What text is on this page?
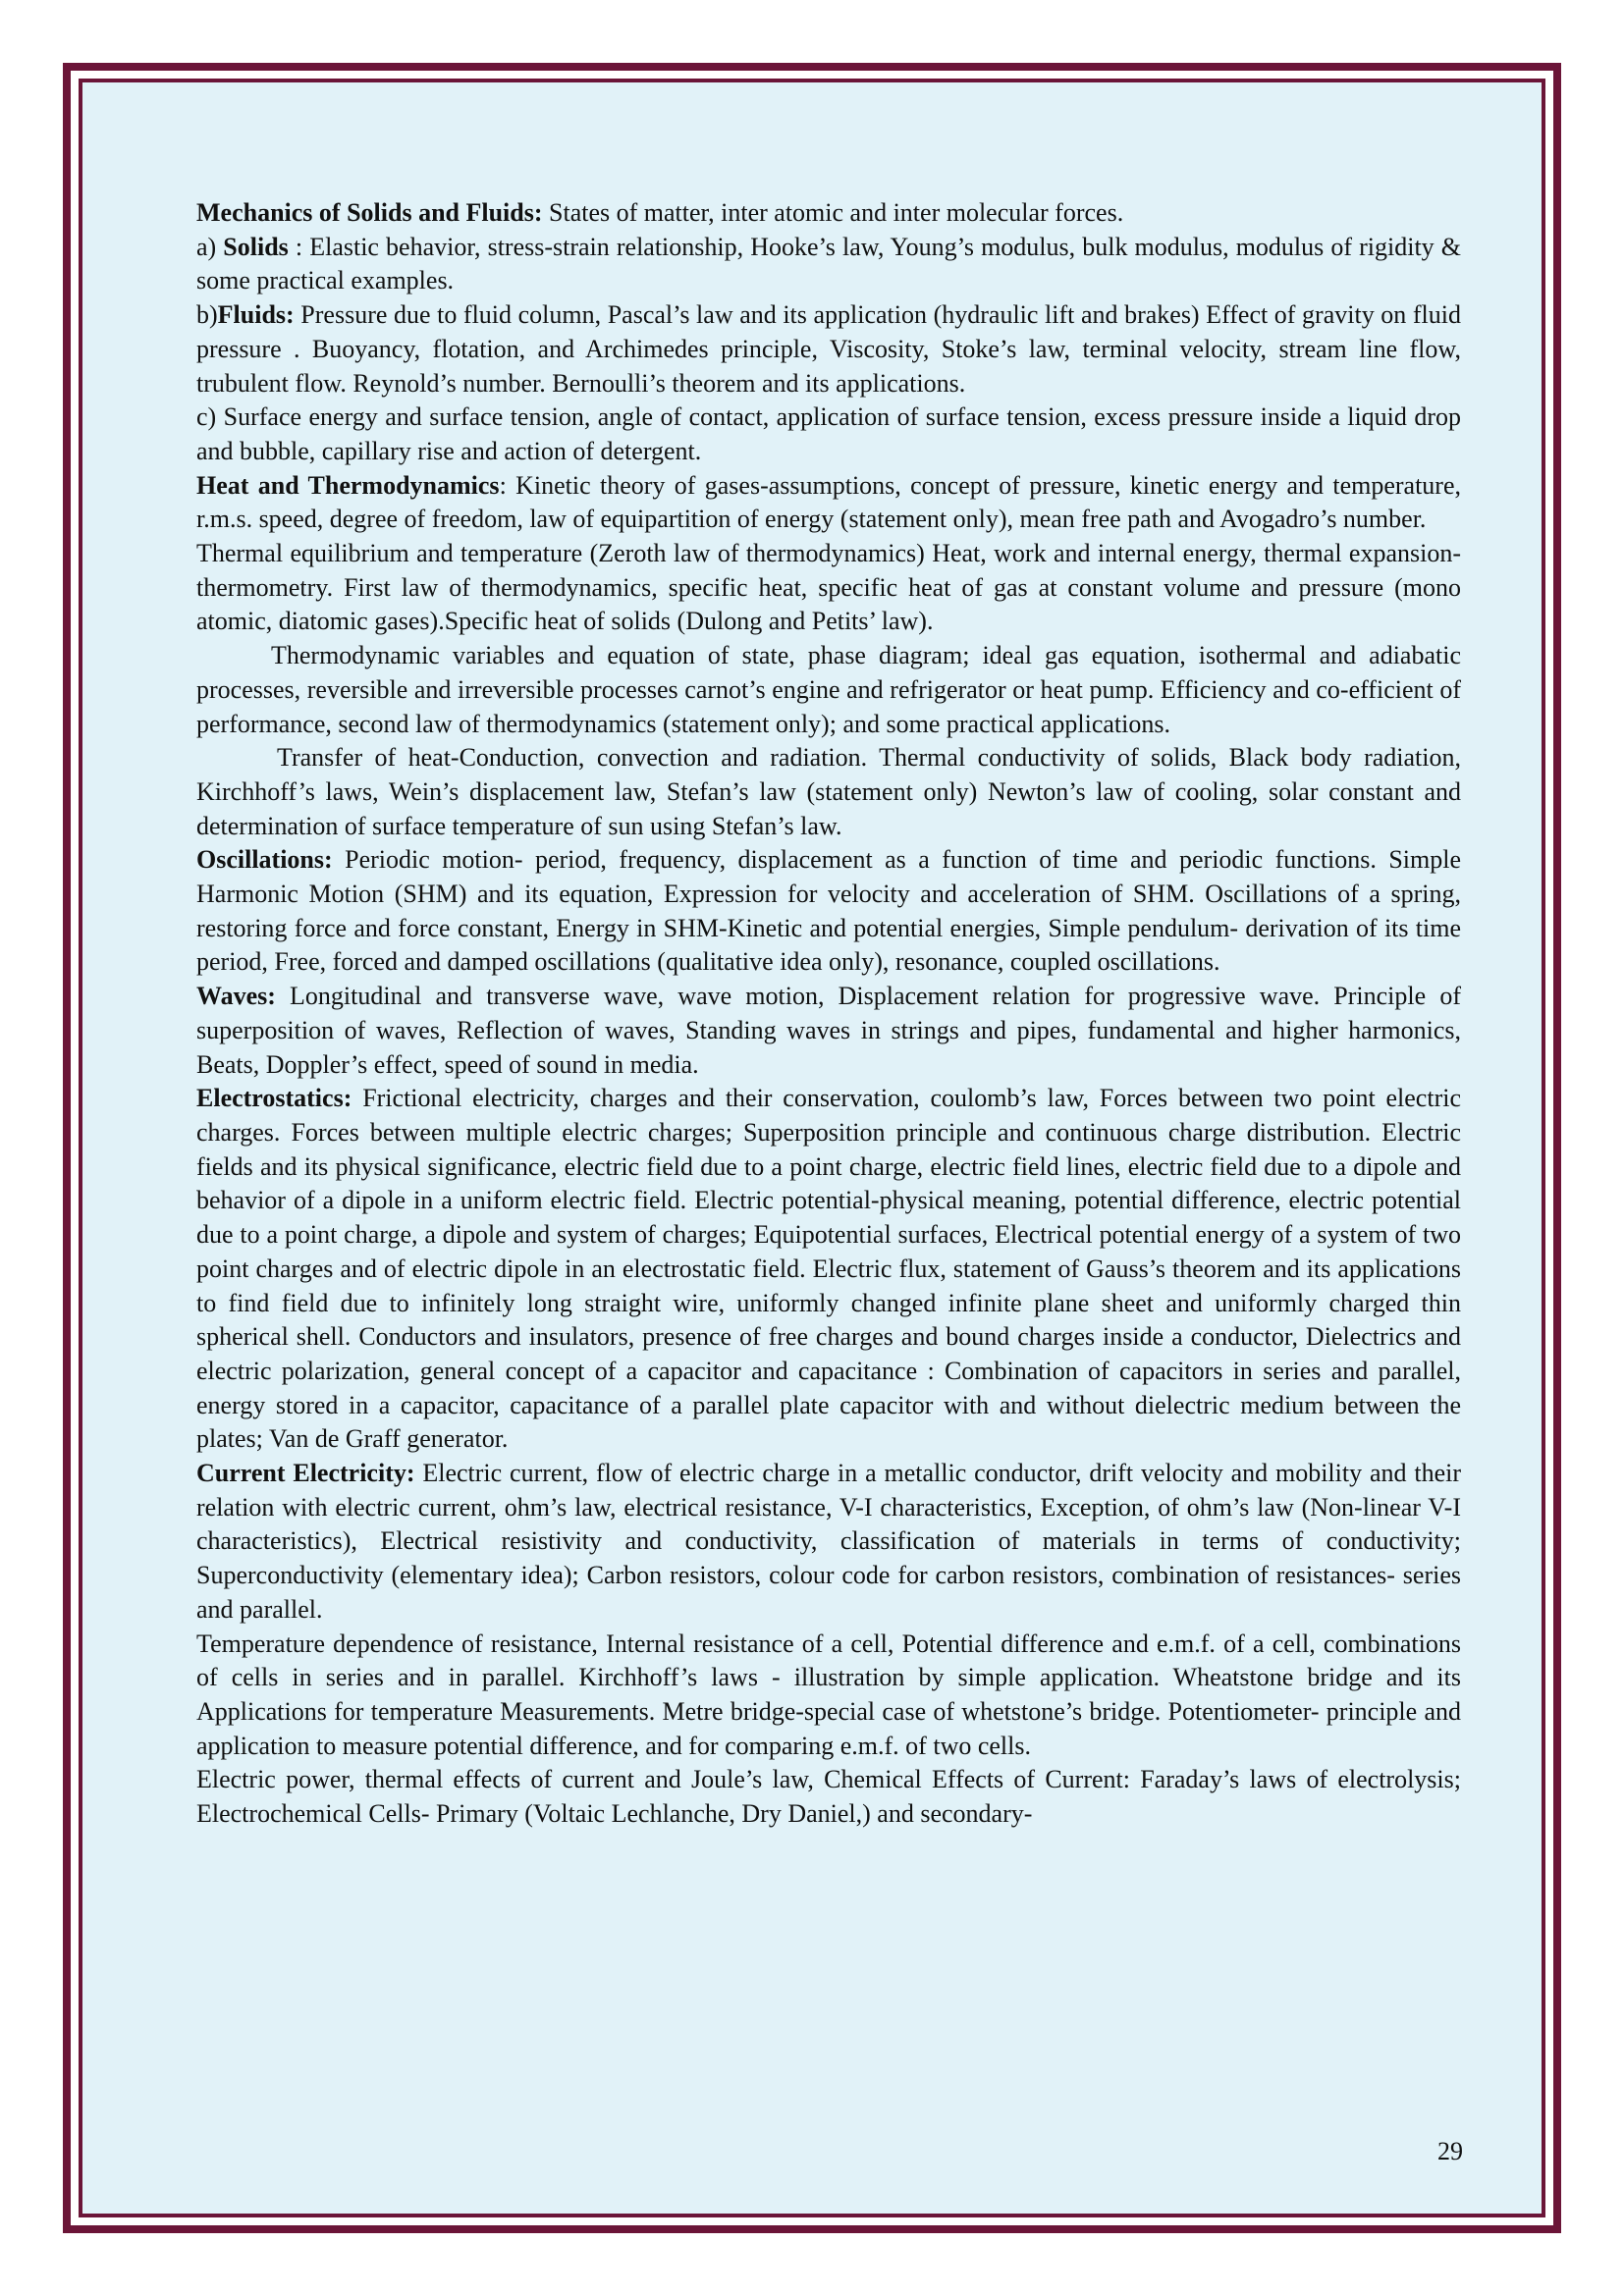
Mechanics of Solids and Fluids: States of matter, inter atomic and inter molecular forces.

a) Solids : Elastic behavior, stress-strain relationship, Hooke’s law, Young’s modulus, bulk modulus, modulus of rigidity & some practical examples.

b)Fluids: Pressure due to fluid column, Pascal’s law and its application (hydraulic lift and brakes) Effect of gravity on fluid pressure . Buoyancy, flotation, and Archimedes principle, Viscosity, Stoke’s law, terminal velocity, stream line flow, trubulent flow. Reynold’s number. Bernoulli’s theorem and its applications.

c) Surface energy and surface tension, angle of contact, application of surface tension, excess pressure inside a liquid drop and bubble, capillary rise and action of detergent.

Heat and Thermodynamics: Kinetic theory of gases-assumptions, concept of pressure, kinetic energy and temperature, r.m.s. speed, degree of freedom, law of equipartition of energy (statement only), mean free path and Avogadro’s number.

Thermal equilibrium and temperature (Zeroth law of thermodynamics) Heat, work and internal energy, thermal expansion-thermometry. First law of thermodynamics, specific heat, specific heat of gas at constant volume and pressure (mono atomic, diatomic gases).Specific heat of solids (Dulong and Petits’ law).

Thermodynamic variables and equation of state, phase diagram; ideal gas equation, isothermal and adiabatic processes, reversible and irreversible processes carnot’s engine and refrigerator or heat pump. Efficiency and co-efficient of performance, second law of thermodynamics (statement only); and some practical applications.

Transfer of heat-Conduction, convection and radiation. Thermal conductivity of solids, Black body radiation, Kirchhoff’s laws, Wein’s displacement law, Stefan’s law (statement only) Newton’s law of cooling, solar constant and determination of surface temperature of sun using Stefan’s law.

Oscillations: Periodic motion- period, frequency, displacement as a function of time and periodic functions. Simple Harmonic Motion (SHM) and its equation, Expression for velocity and acceleration of SHM. Oscillations of a spring, restoring force and force constant, Energy in SHM-Kinetic and potential energies, Simple pendulum- derivation of its time period, Free, forced and damped oscillations (qualitative idea only), resonance, coupled oscillations.

Waves: Longitudinal and transverse wave, wave motion, Displacement relation for progressive wave. Principle of superposition of waves, Reflection of waves, Standing waves in strings and pipes, fundamental and higher harmonics, Beats, Doppler’s effect, speed of sound in media.

Electrostatics: Frictional electricity, charges and their conservation, coulomb’s law, Forces between two point electric charges. Forces between multiple electric charges; Superposition principle and continuous charge distribution. Electric fields and its physical significance, electric field due to a point charge, electric field lines, electric field due to a dipole and behavior of a dipole in a uniform electric field. Electric potential-physical meaning, potential difference, electric potential due to a point charge, a dipole and system of charges; Equipotential surfaces, Electrical potential energy of a system of two point charges and of electric dipole in an electrostatic field. Electric flux, statement of Gauss’s theorem and its applications to find field due to infinitely long straight wire, uniformly changed infinite plane sheet and uniformly charged thin spherical shell. Conductors and insulators, presence of free charges and bound charges inside a conductor, Dielectrics and electric polarization, general concept of a capacitor and capacitance : Combination of capacitors in series and parallel, energy stored in a capacitor, capacitance of a parallel plate capacitor with and without dielectric medium between the plates; Van de Graff generator.

Current Electricity: Electric current, flow of electric charge in a metallic conductor, drift velocity and mobility and their relation with electric current, ohm’s law, electrical resistance, V-I characteristics, Exception, of ohm’s law (Non-linear V-I characteristics), Electrical resistivity and conductivity, classification of materials in terms of conductivity; Superconductivity (elementary idea); Carbon resistors, colour code for carbon resistors, combination of resistances- series and parallel.

Temperature dependence of resistance, Internal resistance of a cell, Potential difference and e.m.f. of a cell, combinations of cells in series and in parallel. Kirchhoff’s laws - illustration by simple application. Wheatstone bridge and its Applications for temperature Measurements. Metre bridge-special case of whetstone’s bridge. Potentiometer- principle and application to measure potential difference, and for comparing e.m.f. of two cells.

Electric power, thermal effects of current and Joule’s law, Chemical Effects of Current: Faraday’s laws of electrolysis; Electrochemical Cells- Primary (Voltaic Lechlanche, Dry Daniel,) and secondary-

29
